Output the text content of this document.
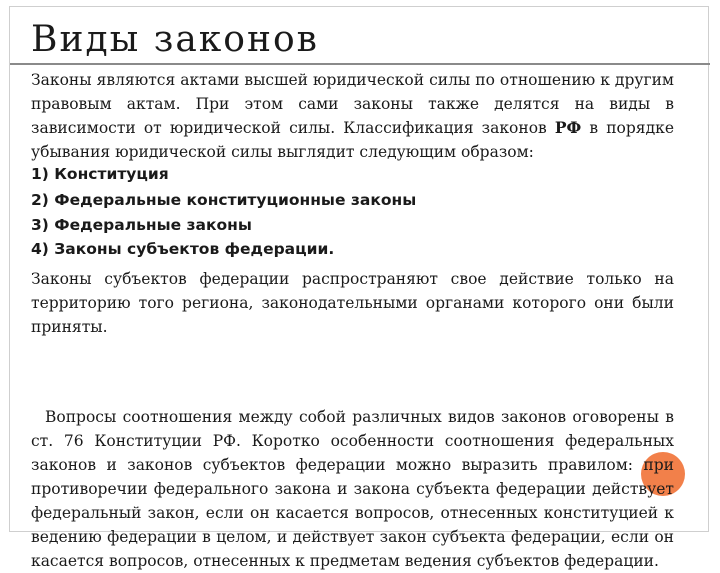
Виды законов

Законы являются актами высшей юридической силы по отношению к другим правовым актам. При этом сами законы также делятся на виды в зависимости от юридической силы. Классификация законов РФ в порядке убывания юридической силы выглядит следующим образом:

1) Конституция
2) Федеральные конституционные законы
3) Федеральные законы
4) Законы субъектов федерации.

Законы субъектов федерации распространяют свое действие только на территорию того региона, законодательными органами которого они были приняты.

Вопросы соотношения между собой различных видов законов оговорены в ст. 76 Конституции РФ. Коротко особенности соотношения федеральных законов и законов субъектов федерации можно выразить правилом: при противоречии федерального закона и закона субъекта федерации действует федеральный закон, если он касается вопросов, отнесенных конституцией к ведению федерации в целом, и действует закон субъекта федерации, если он касается вопросов, отнесенных к предметам ведения субъектов федерации.
